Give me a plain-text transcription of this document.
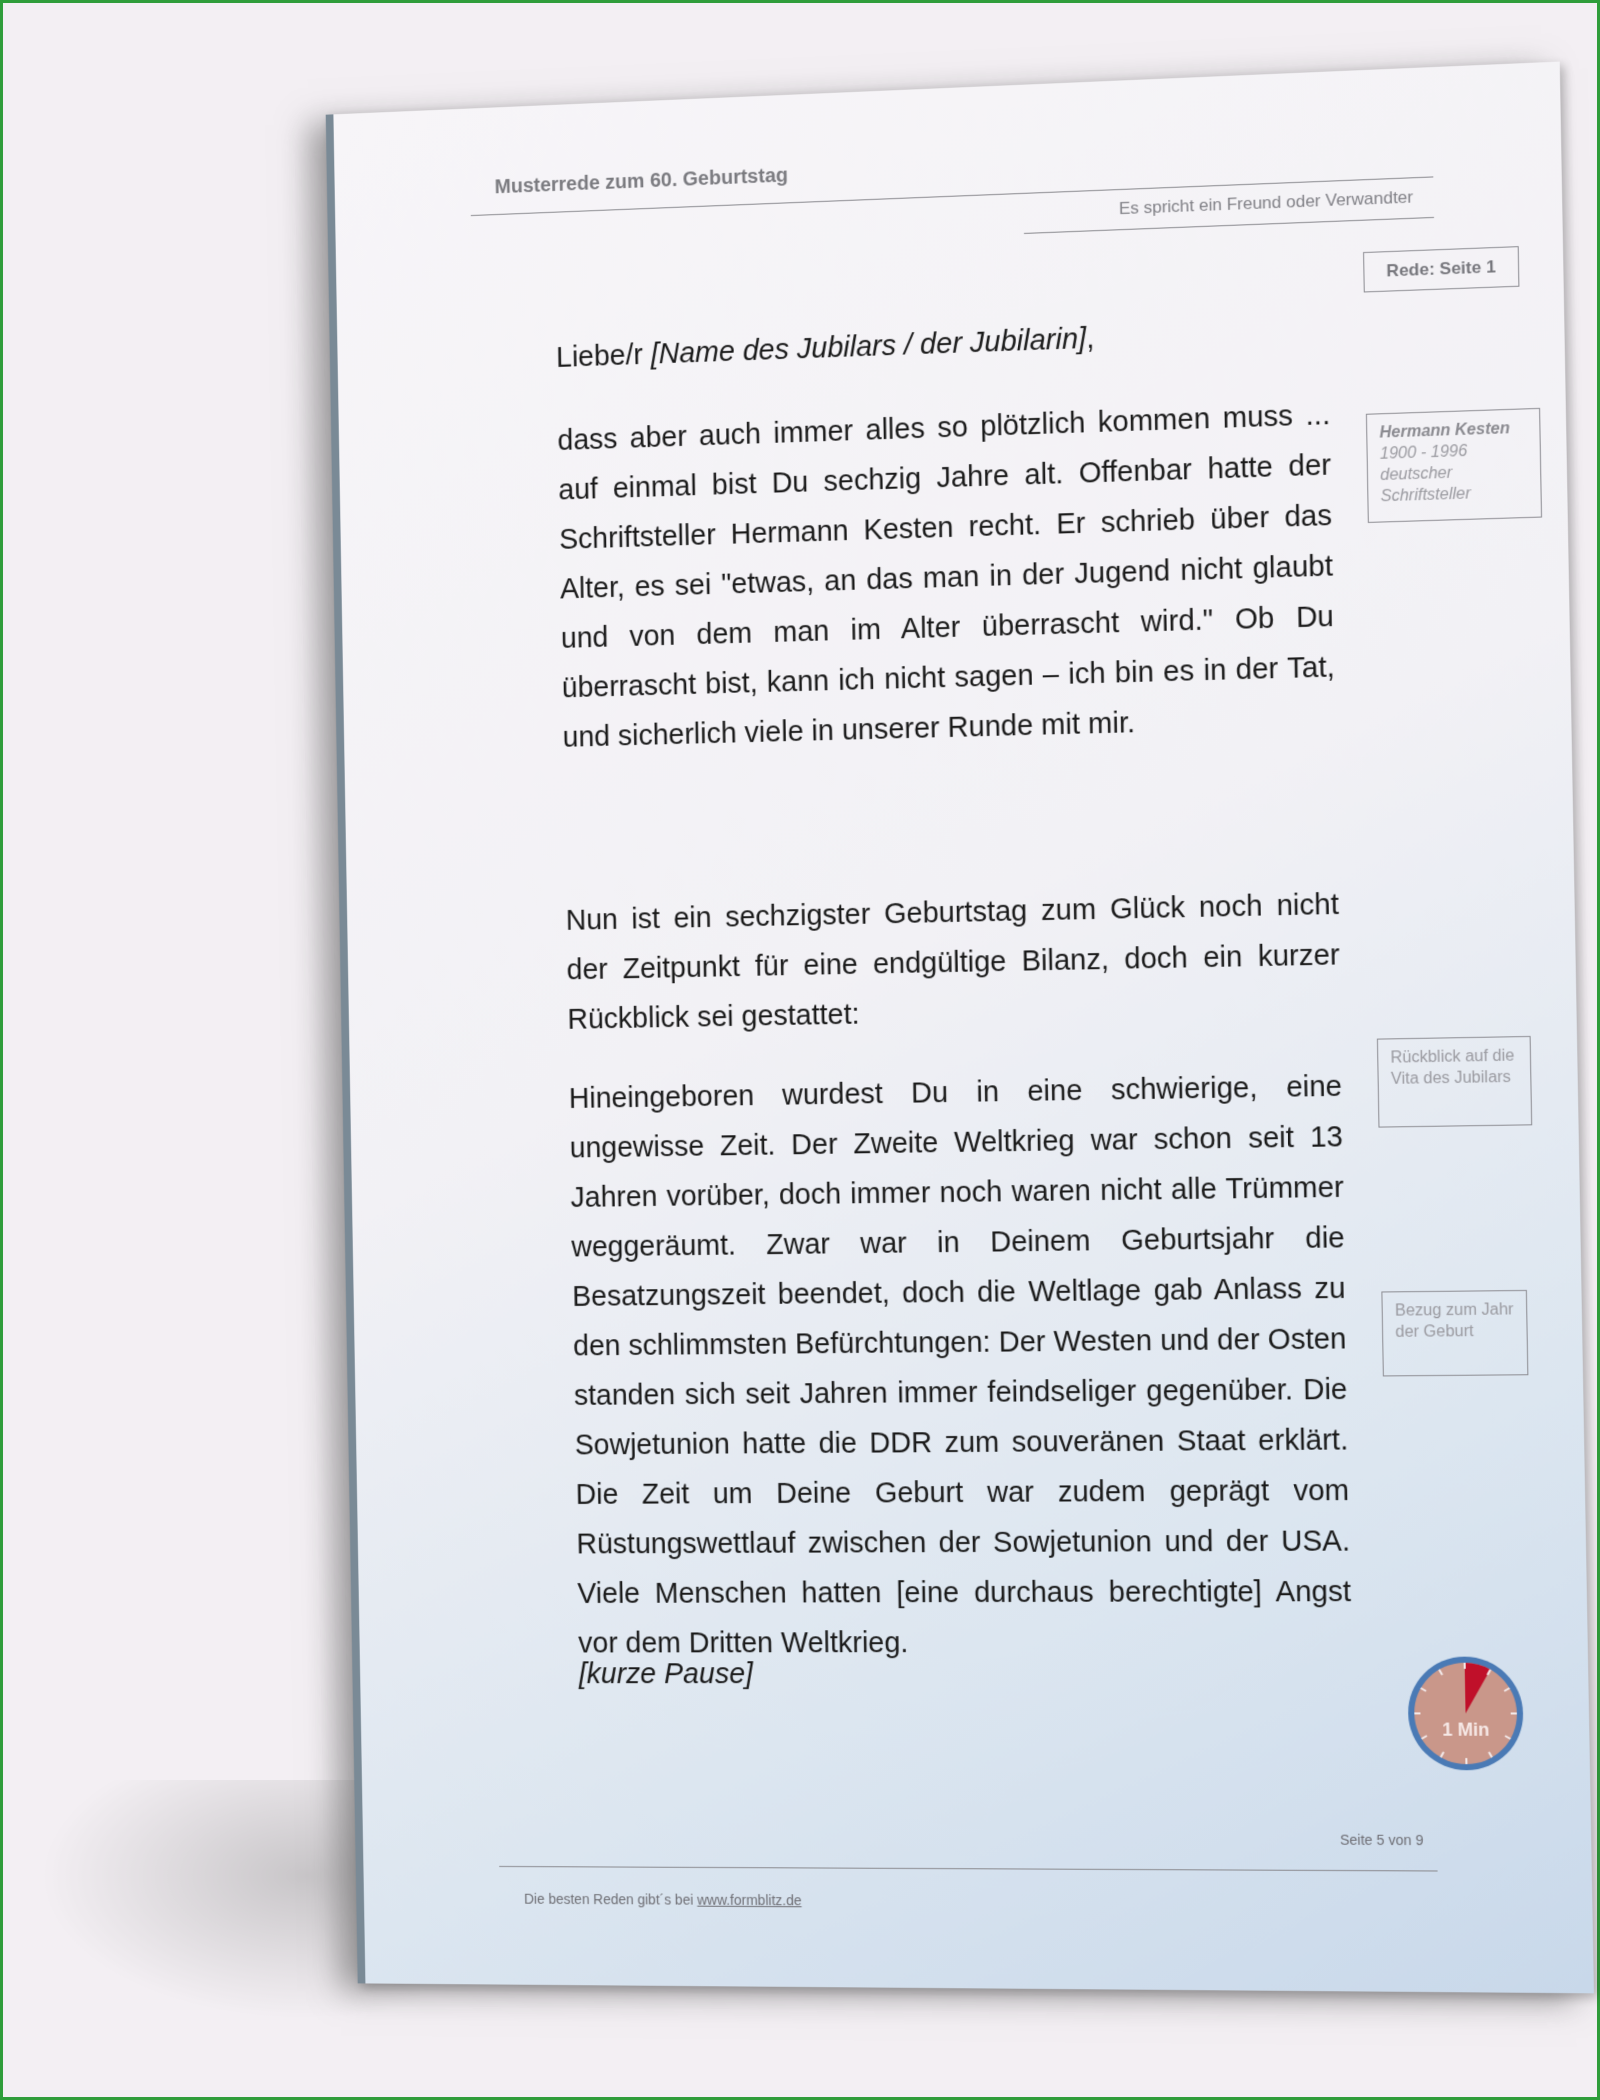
Musterrede zum 60. Geburtstag
Es spricht ein Freund oder Verwandter
Rede: Seite 1
Liebe/r [Name des Jubilars / der Jubilarin],

dass aber auch immer alles so plötzlich kommen muss ... auf einmal bist Du sechzig Jahre alt. Offenbar hatte der Schriftsteller Hermann Kesten recht. Er schrieb über das Alter, es sei "etwas, an das man in der Jugend nicht glaubt und von dem man im Alter überrascht wird." Ob Du überrascht bist, kann ich nicht sagen – ich bin es in der Tat, und sicherlich viele in unserer Runde mit mir.

Nun ist ein sechzigster Geburtstag zum Glück noch nicht der Zeitpunkt für eine endgültige Bilanz, doch ein kurzer Rückblick sei gestattet:

Hineingeboren wurdest Du in eine schwierige, eine ungewisse Zeit. Der Zweite Weltkrieg war schon seit 13 Jahren vorüber, doch immer noch waren nicht alle Trümmer weggeräumt. Zwar war in Deinem Geburtsjahr die Besatzungszeit beendet, doch die Weltlage gab Anlass zu den schlimmsten Befürchtungen: Der Westen und der Osten standen sich seit Jahren immer feindseliger gegenüber. Die Sowjetunion hatte die DDR zum souveränen Staat erklärt. Die Zeit um Deine Geburt war zudem geprägt vom Rüstungswettlauf zwischen der Sowjetunion und der USA. Viele Menschen hatten [eine durchaus berechtigte] Angst vor dem Dritten Weltkrieg.

[kurze Pause]
Hermann Kesten
1900 - 1996
deutscher Schriftsteller
Rückblick auf die Vita des Jubilars
Bezug zum Jahr der Geburt
1 Min
Seite 5 von 9
Die besten Reden gibt´s bei www.formblitz.de
